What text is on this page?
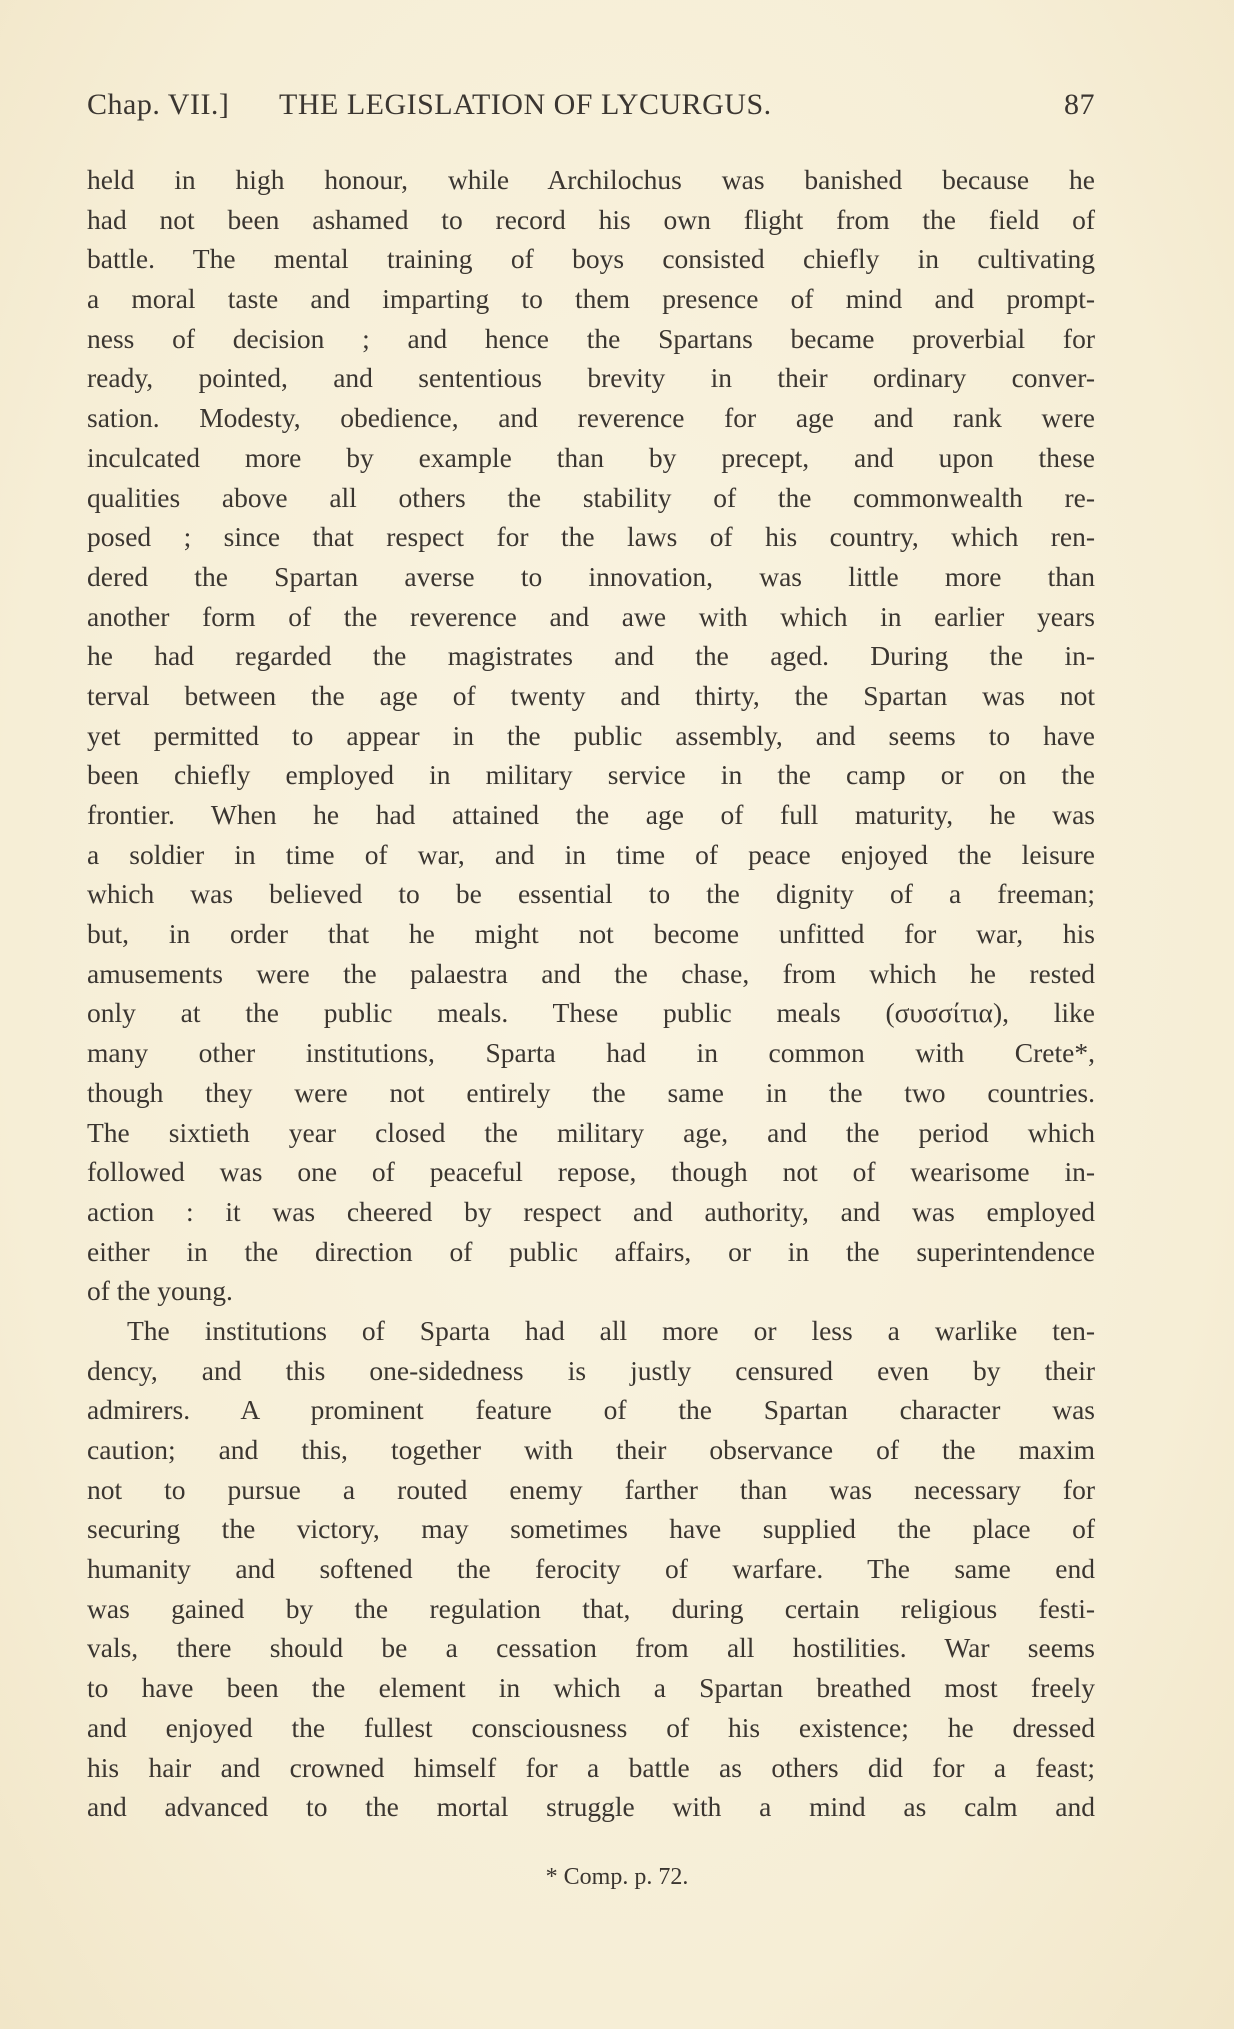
Chap. VII.] THE LEGISLATION OF LYCURGUS.	87
held in high honour, while Archilochus was banished because he
had not been ashamed to record his own flight from the field of
battle. The mental training of boys consisted chiefly in cultivating
a moral taste and imparting to them presence of mind and prompt-
ness of decision ; and hence the Spartans became proverbial for
ready, pointed, and sententious brevity in their ordinary conver-
sation. Modesty, obedience, and reverence for age and rank were
inculcated more by example than by precept, and upon these
qualities above all others the stability of the commonwealth re-
posed ; since that respect for the laws of his country, which ren-
dered the Spartan averse to innovation, was little more than
another form of the reverence and awe with which in earlier years
he had regarded the magistrates and the aged. During the in-
terval between the age of twenty and thirty, the Spartan was not
yet permitted to appear in the public assembly, and seems to have
been chiefly employed in military service in the camp or on the
frontier. When he had attained the age of full maturity, he was
a soldier in time of war, and in time of peace enjoyed the leisure
which was believed to be essential to the dignity of a freeman;
but, in order that he might not become unfitted for war, his
amusements were the palaestra and the chase, from which he rested
only at the public meals. These public meals (συσσίτια), like
many other institutions, Sparta had in common with Crete*,
though they were not entirely the same in the two countries.
The sixtieth year closed the military age, and the period which
followed was one of peaceful repose, though not of wearisome in-
action : it was cheered by respect and authority, and was employed
either in the direction of public affairs, or in the superintendence
of the young.
The institutions of Sparta had all more or less a warlike ten-
dency, and this one-sidedness is justly censured even by their
admirers. A prominent feature of the Spartan character was
caution; and this, together with their observance of the maxim
not to pursue a routed enemy farther than was necessary for
securing the victory, may sometimes have supplied the place of
humanity and softened the ferocity of warfare. The same end
was gained by the regulation that, during certain religious festi-
vals, there should be a cessation from all hostilities. War seems
to have been the element in which a Spartan breathed most freely
and enjoyed the fullest consciousness of his existence; he dressed
his hair and crowned himself for a battle as others did for a feast;
and advanced to the mortal struggle with a mind as calm and
* Comp. p. 72.
